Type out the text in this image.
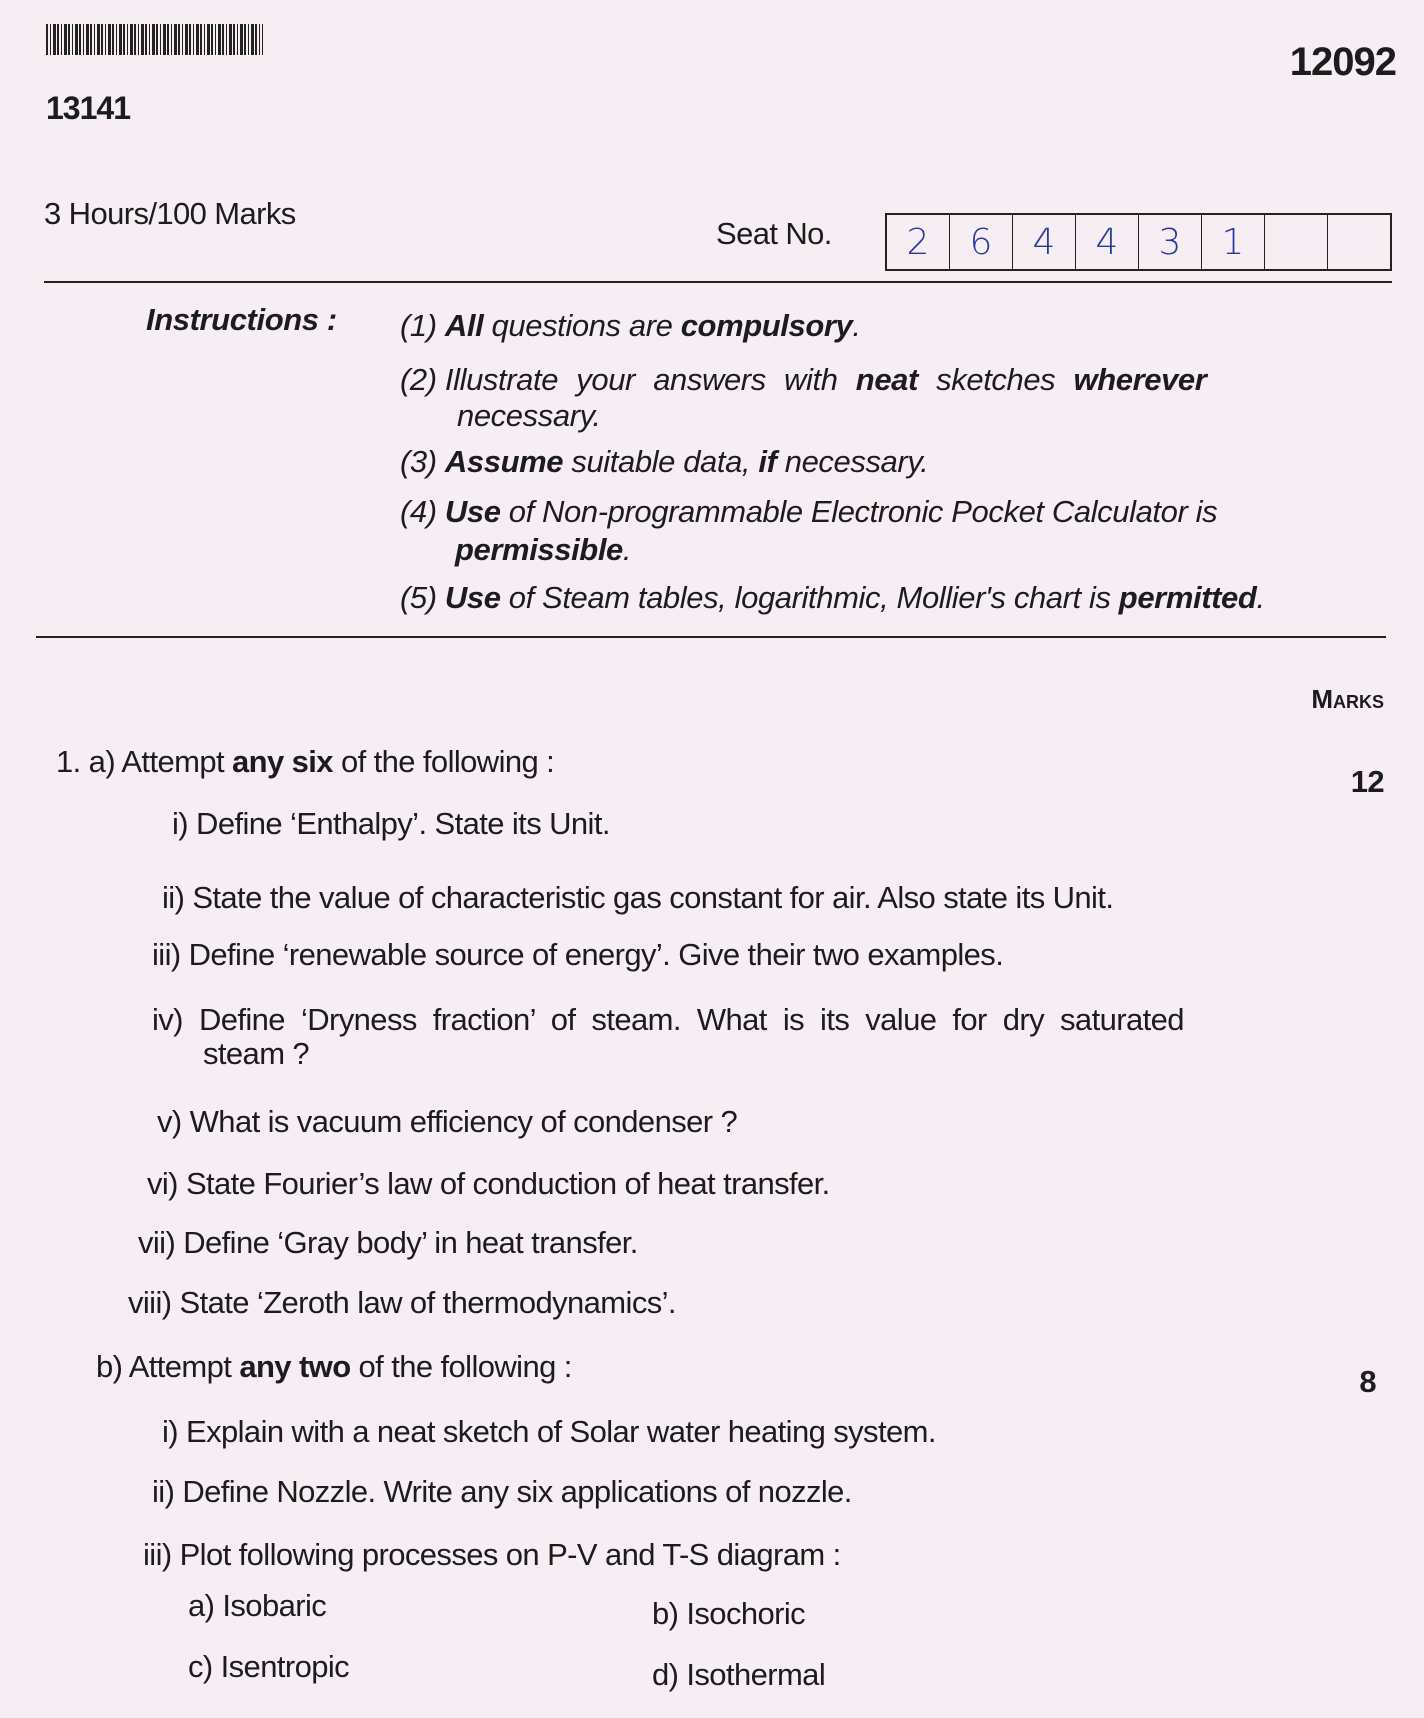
12092
13141
3 Hours/100 Marks
Seat No.	2	6	4	4	3	1
Instructions : (1) All questions are compulsory.
(2) Illustrate your answers with neat sketches wherever
necessary.
(3) Assume suitable data, if necessary.
(4) Use of Non-programmable Electronic Pocket Calculator is
permissible.
(5) Use of Steam tables, logarithmic, Mollier's chart is permitted.
Marks
1. a) Attempt any six of the following :
12
i) Define ‘Enthalpy’. State its Unit.
ii) State the value of characteristic gas constant for air. Also state its Unit.
iii) Define ‘renewable source of energy’. Give their two examples.
iv) Define ‘Dryness fraction’ of steam. What is its value for dry saturated
steam ?
v) What is vacuum efficiency of condenser ?
vi) State Fourier’s law of conduction of heat transfer.
vii) Define ‘Gray body’ in heat transfer.
viii) State ‘Zeroth law of thermodynamics’.
b) Attempt any two of the following :	8
i) Explain with a neat sketch of Solar water heating system.
ii) Define Nozzle. Write any six applications of nozzle.
iii) Plot following processes on P-V and T-S diagram :
a) Isobaric	b) Isochoric
c) Isentropic	d) Isothermal
